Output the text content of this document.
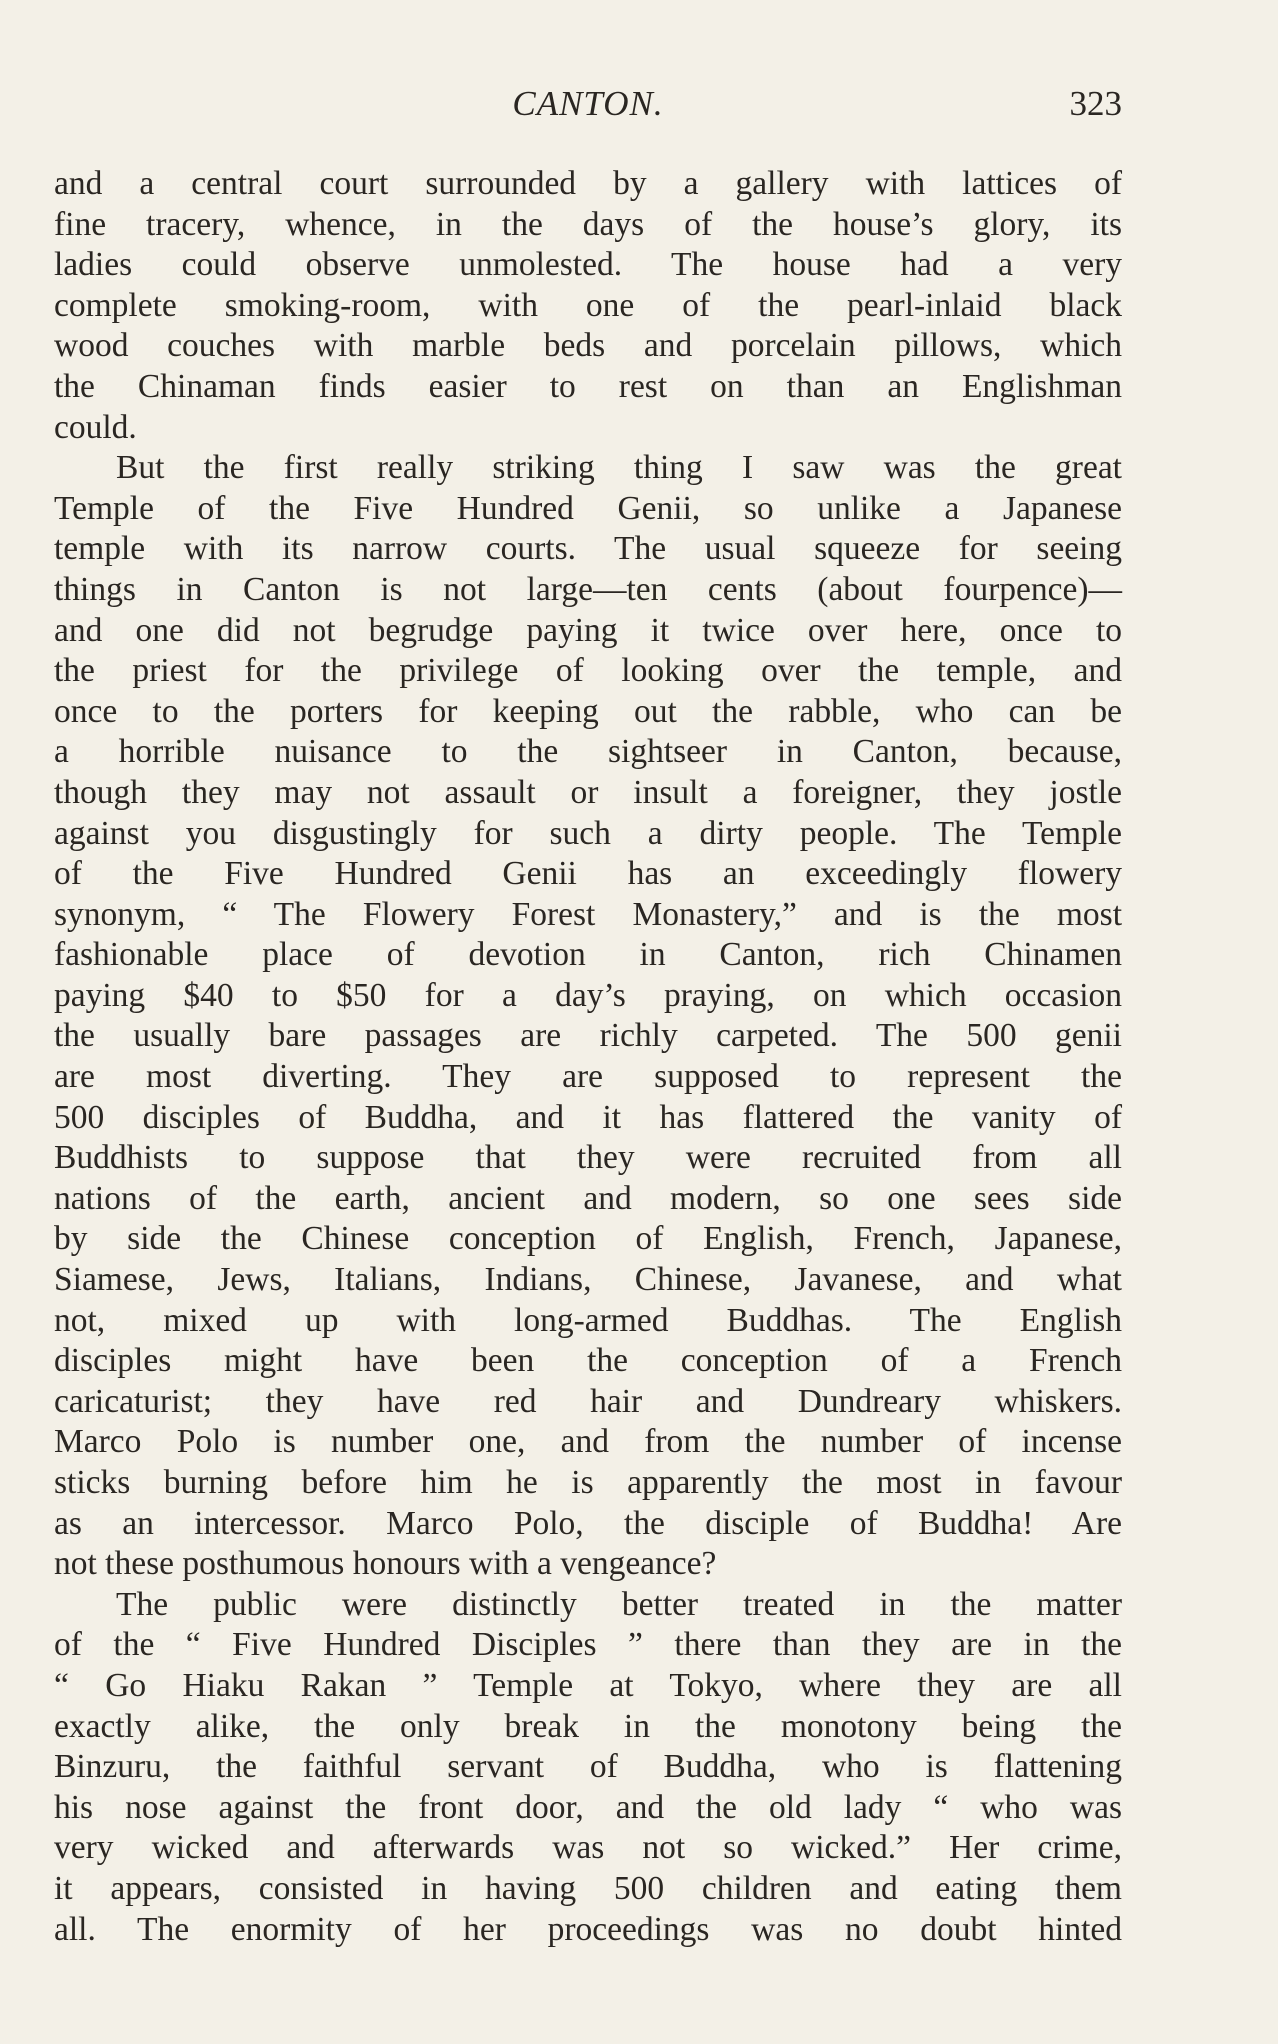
CANTON.	323
and a central court surrounded by a gallery with lattices of
fine tracery, whence, in the days of the house’s glory, its
ladies could observe unmolested. The house had a very
complete smoking-room, with one of the pearl-inlaid black
wood couches with marble beds and porcelain pillows, which
the Chinaman finds easier to rest on than an Englishman
could.
But the first really striking thing I saw was the great
Temple of the Five Hundred Genii, so unlike a Japanese
temple with its narrow courts. The usual squeeze for seeing
things in Canton is not large—ten cents (about fourpence)—
and one did not begrudge paying it twice over here, once to
the priest for the privilege of looking over the temple, and
once to the porters for keeping out the rabble, who can be
a horrible nuisance to the sightseer in Canton, because,
though they may not assault or insult a foreigner, they jostle
against you disgustingly for such a dirty people. The Temple
of the Five Hundred Genii has an exceedingly flowery
synonym, “ The Flowery Forest Monastery,” and is the most
fashionable place of devotion in Canton, rich Chinamen
paying $40 to $50 for a day’s praying, on which occasion
the usually bare passages are richly carpeted. The 500 genii
are most diverting. They are supposed to represent the
500 disciples of Buddha, and it has flattered the vanity of
Buddhists to suppose that they were recruited from all
nations of the earth, ancient and modern, so one sees side
by side the Chinese conception of English, French, Japanese,
Siamese, Jews, Italians, Indians, Chinese, Javanese, and what
not, mixed up with long-armed Buddhas. The English
disciples might have been the conception of a French
caricaturist; they have red hair and Dundreary whiskers.
Marco Polo is number one, and from the number of incense
sticks burning before him he is apparently the most in favour
as an intercessor. Marco Polo, the disciple of Buddha! Are
not these posthumous honours with a vengeance?
The public were distinctly better treated in the matter
of the “ Five Hundred Disciples ” there than they are in the
“ Go Hiaku Rakan ” Temple at Tokyo, where they are all
exactly alike, the only break in the monotony being the
Binzuru, the faithful servant of Buddha, who is flattening
his nose against the front door, and the old lady “ who was
very wicked and afterwards was not so wicked.” Her crime,
it appears, consisted in having 500 children and eating them
all. The enormity of her proceedings was no doubt hinted
